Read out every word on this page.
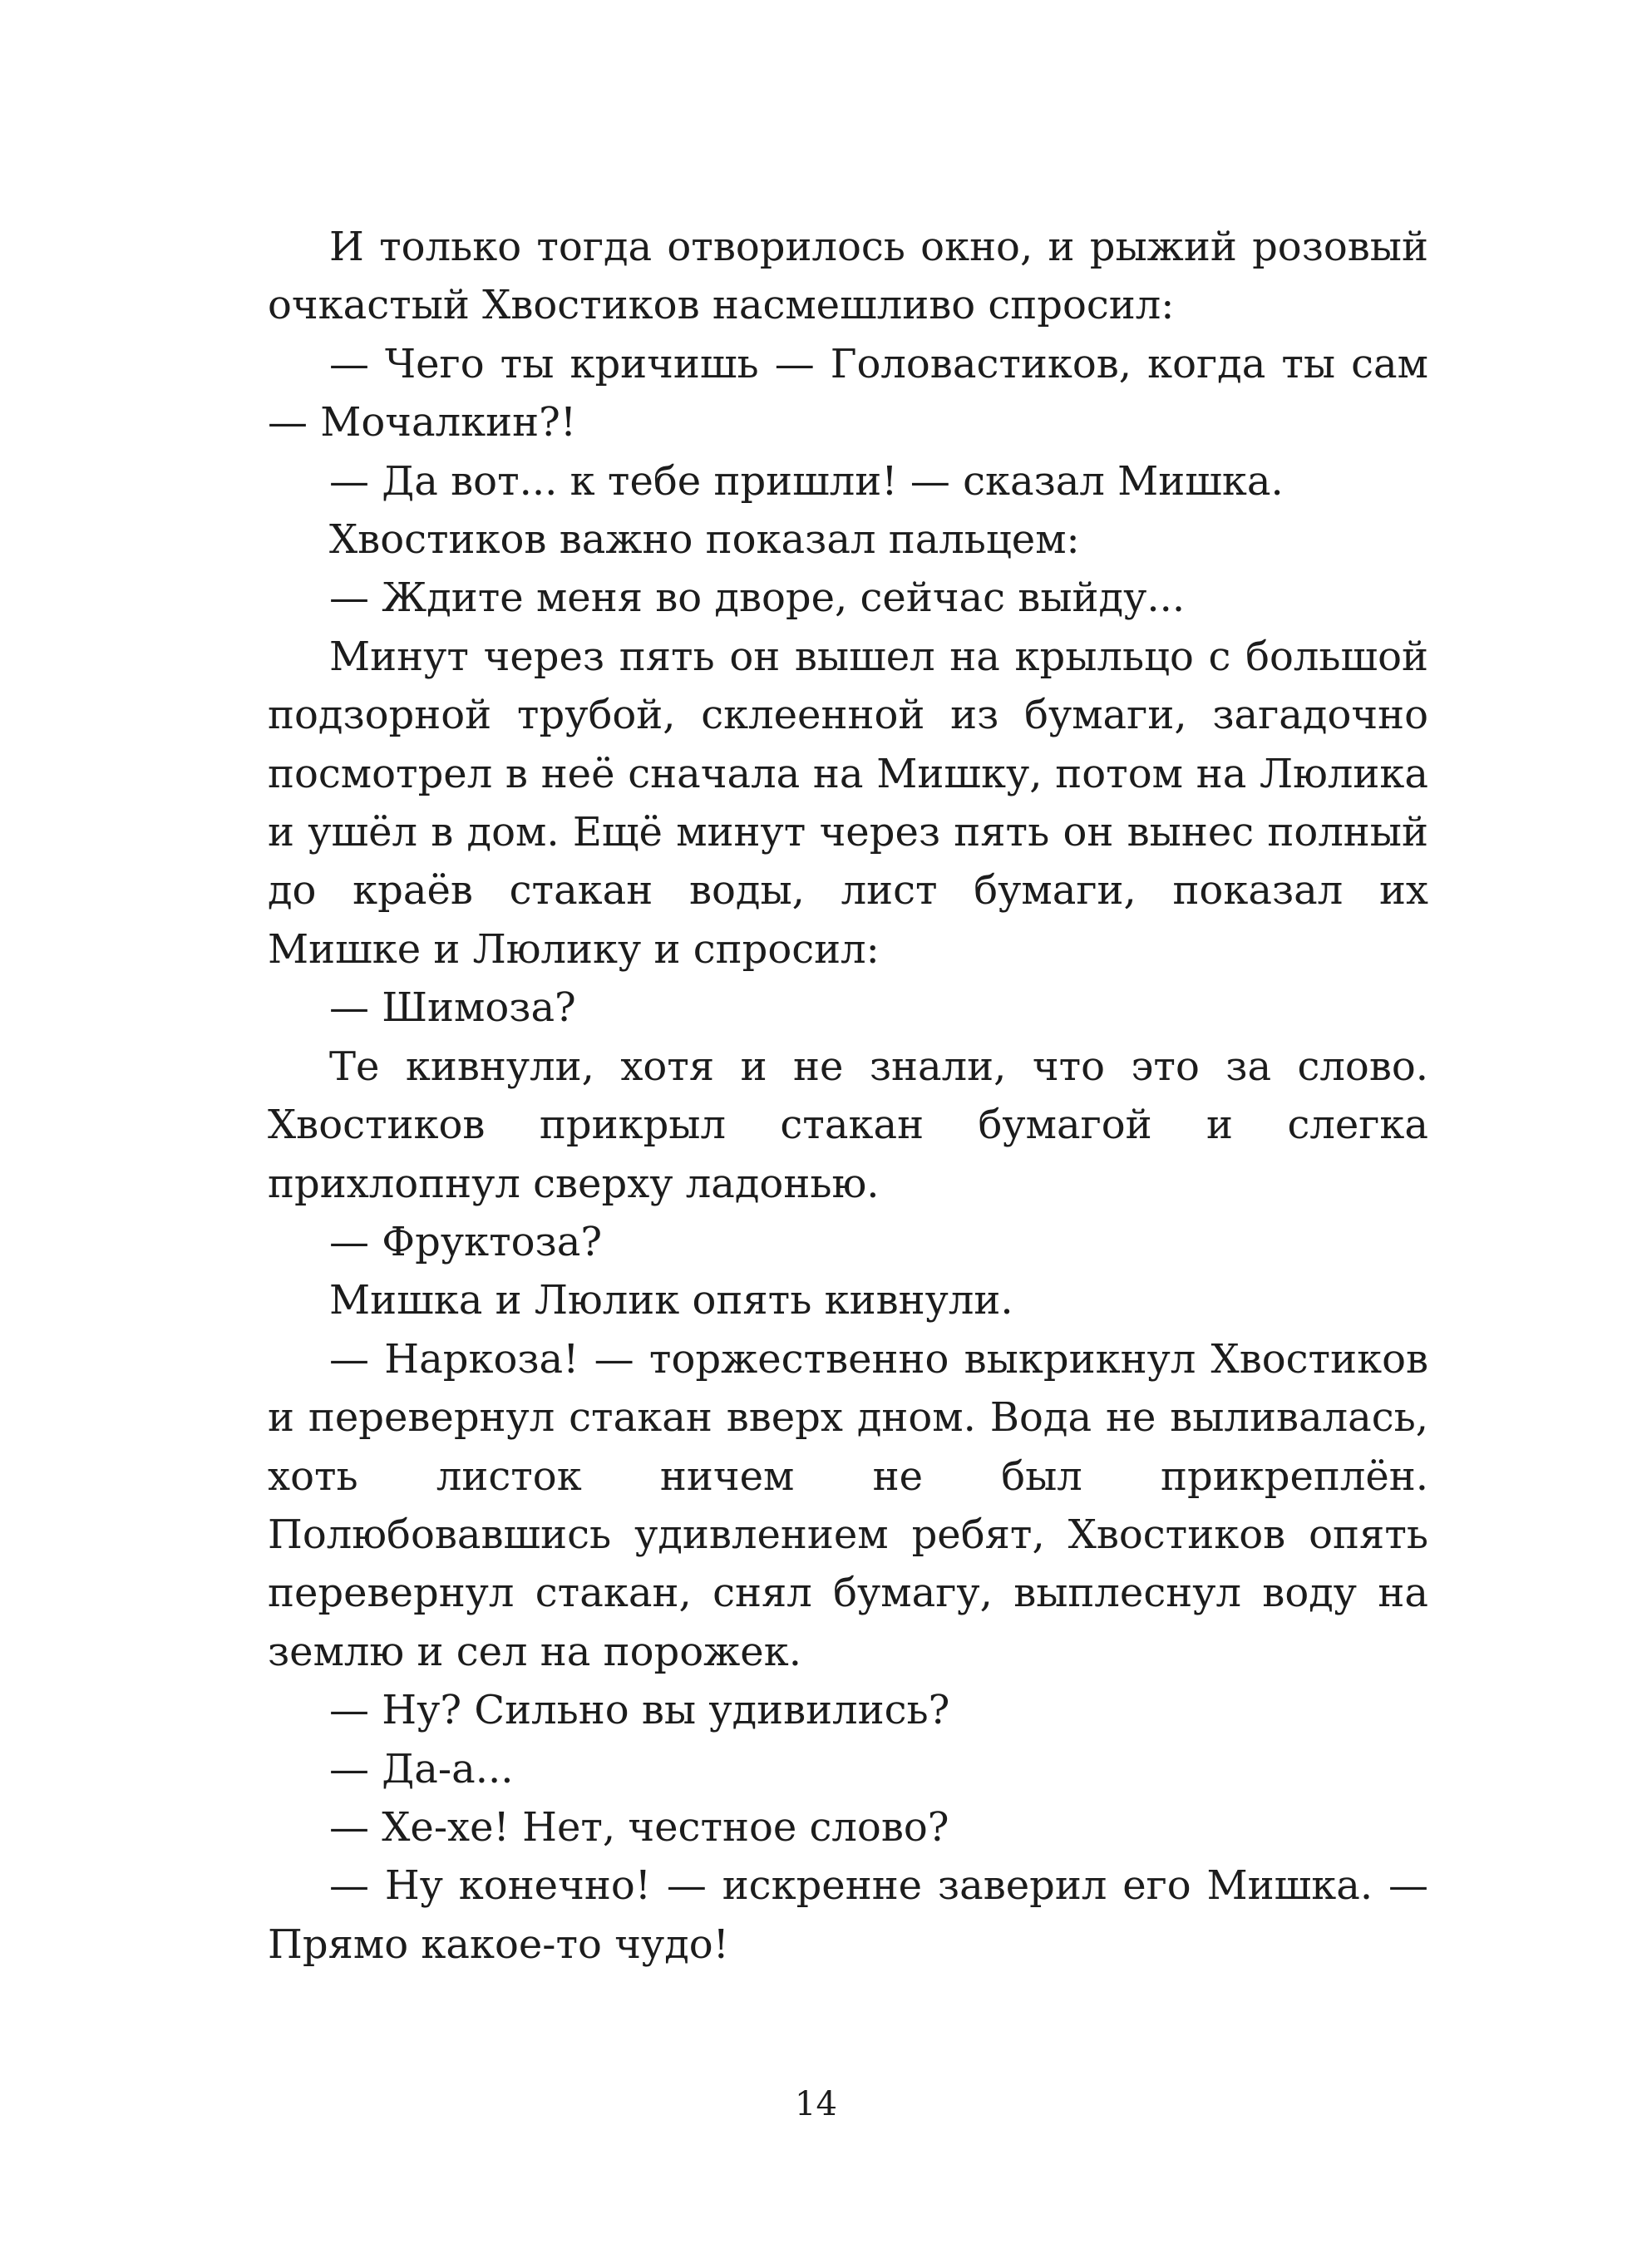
И только тогда отворилось окно, и рыжий розовый очкастый Хвостиков насмешливо спросил:

— Чего ты кричишь — Головастиков, когда ты сам — Мочалкин?!

— Да вот... к тебе пришли! — сказал Мишка.

Хвостиков важно показал пальцем:

— Ждите меня во дворе, сейчас выйду...

Минут через пять он вышел на крыльцо с большой подзорной трубой, склеенной из бумаги, загадочно посмотрел в неё сначала на Мишку, потом на Люлика и ушёл в дом. Ещё минут через пять он вынес полный до краёв стакан воды, лист бумаги, показал их Мишке и Люлику и спросил:

— Шимоза?

Те кивнули, хотя и не знали, что это за слово. Хвостиков прикрыл стакан бумагой и слегка прихлопнул сверху ладонью.

— Фруктоза?

Мишка и Люлик опять кивнули.

— Наркоза! — торжественно выкрикнул Хвостиков и перевернул стакан вверх дном. Вода не выливалась, хоть листок ничем не был прикреплён. Полюбовавшись удивлением ребят, Хвостиков опять перевернул стакан, снял бумагу, выплеснул воду на землю и сел на порожек.

— Ну? Сильно вы удивились?

— Да-а...

— Хе-хе! Нет, честное слово?

— Ну конечно! — искренне заверил его Мишка. — Прямо какое-то чудо!

14
